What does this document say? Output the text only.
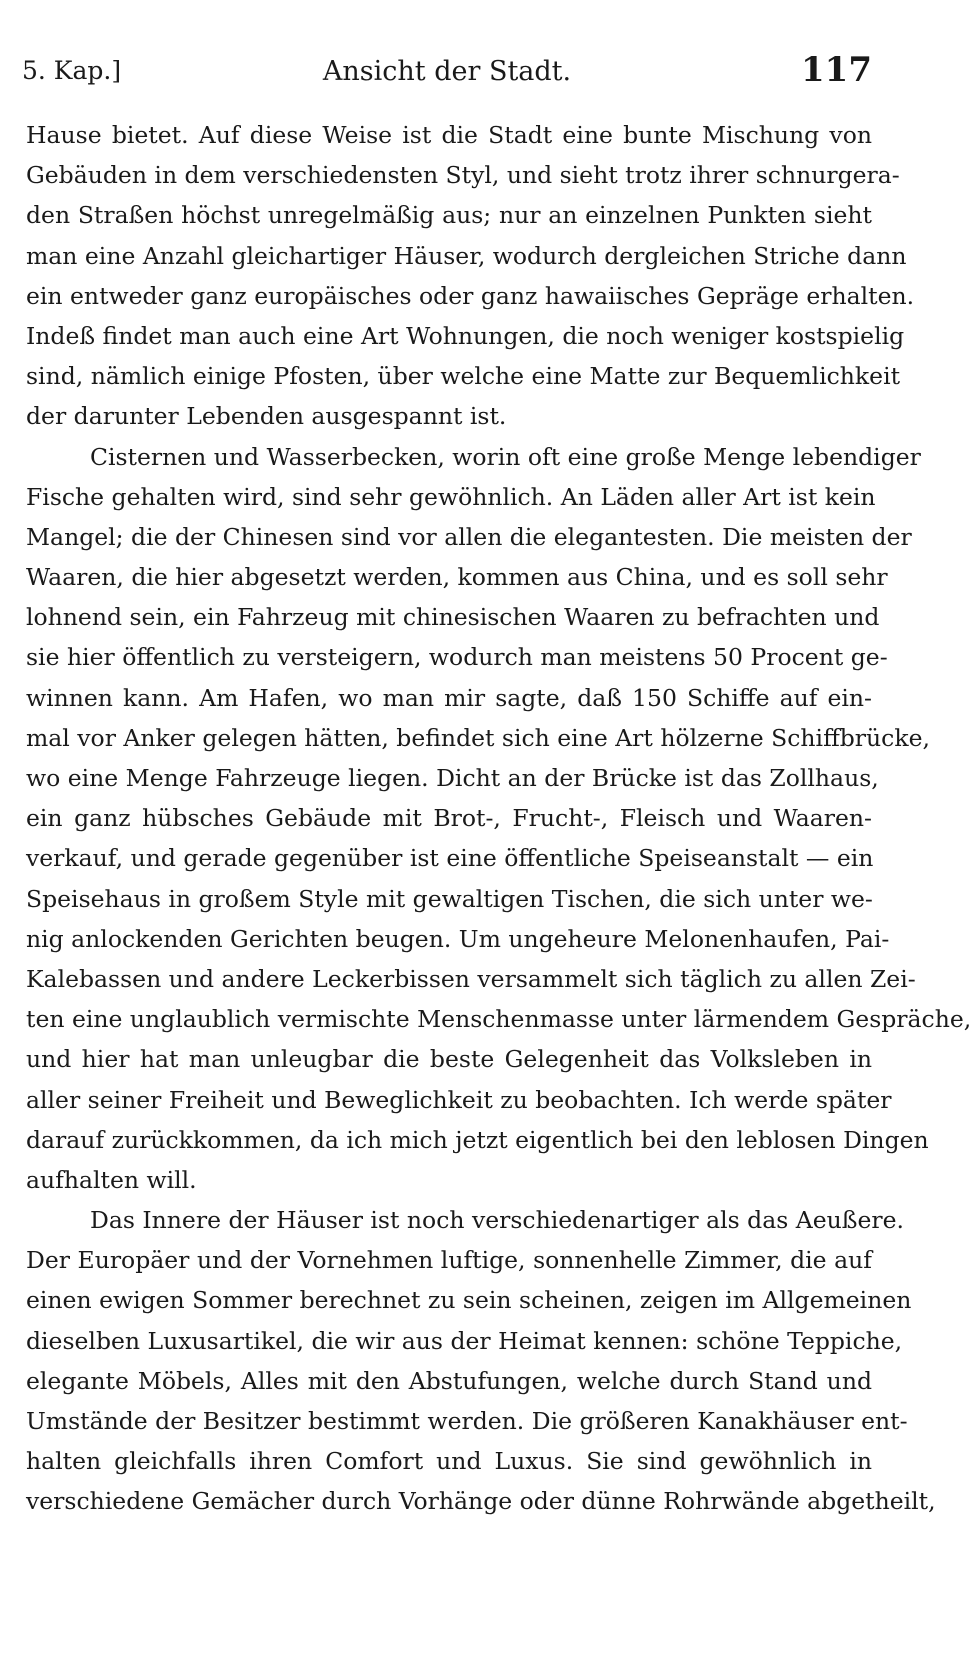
5. Kap.]	Ansicht der Stadt.	117
Hause bietet. Auf diese Weise ist die Stadt eine bunte Mischung von
Gebäuden in dem verschiedensten Styl, und sieht trotz ihrer schnurgera-
den Straßen höchst unregelmäßig aus; nur an einzelnen Punkten sieht
man eine Anzahl gleichartiger Häuser, wodurch dergleichen Striche dann
ein entweder ganz europäisches oder ganz hawaiisches Gepräge erhalten.
Indeß findet man auch eine Art Wohnungen, die noch weniger kostspielig
sind, nämlich einige Pfosten, über welche eine Matte zur Bequemlichkeit
der darunter Lebenden ausgespannt ist.
Cisternen und Wasserbecken, worin oft eine große Menge lebendiger
Fische gehalten wird, sind sehr gewöhnlich. An Läden aller Art ist kein
Mangel; die der Chinesen sind vor allen die elegantesten. Die meisten der
Waaren, die hier abgesetzt werden, kommen aus China, und es soll sehr
lohnend sein, ein Fahrzeug mit chinesischen Waaren zu befrachten und
sie hier öffentlich zu versteigern, wodurch man meistens 50 Procent ge-
winnen kann. Am Hafen, wo man mir sagte, daß 150 Schiffe auf ein-
mal vor Anker gelegen hätten, befindet sich eine Art hölzerne Schiffbrücke,
wo eine Menge Fahrzeuge liegen. Dicht an der Brücke ist das Zollhaus,
ein ganz hübsches Gebäude mit Brot-, Frucht-, Fleisch und Waaren-
verkauf, und gerade gegenüber ist eine öffentliche Speiseanstalt — ein
Speisehaus in großem Style mit gewaltigen Tischen, die sich unter we-
nig anlockenden Gerichten beugen. Um ungeheure Melonenhaufen, Pai-
Kalebassen und andere Leckerbissen versammelt sich täglich zu allen Zei-
ten eine unglaublich vermischte Menschenmasse unter lärmendem Gespräche,
und hier hat man unleugbar die beste Gelegenheit das Volksleben in
aller seiner Freiheit und Beweglichkeit zu beobachten. Ich werde später
darauf zurückkommen, da ich mich jetzt eigentlich bei den leblosen Dingen
aufhalten will.
Das Innere der Häuser ist noch verschiedenartiger als das Aeußere.
Der Europäer und der Vornehmen luftige, sonnenhelle Zimmer, die auf
einen ewigen Sommer berechnet zu sein scheinen, zeigen im Allgemeinen
dieselben Luxusartikel, die wir aus der Heimat kennen: schöne Teppiche,
elegante Möbels, Alles mit den Abstufungen, welche durch Stand und
Umstände der Besitzer bestimmt werden. Die größeren Kanakhäuser ent-
halten gleichfalls ihren Comfort und Luxus. Sie sind gewöhnlich in
verschiedene Gemächer durch Vorhänge oder dünne Rohrwände abgetheilt,
